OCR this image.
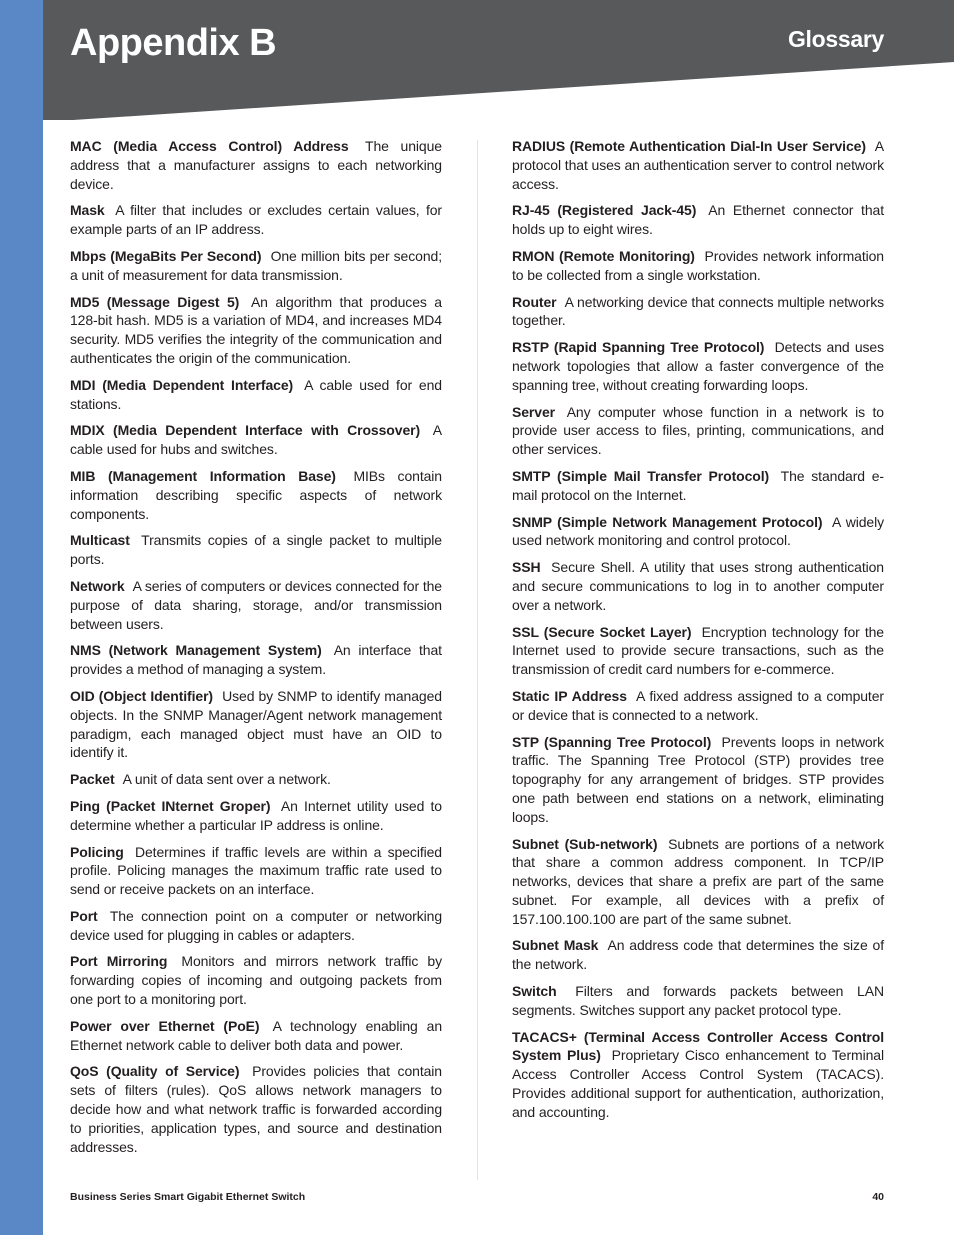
Appendix B	Glossary

MAC (Media Access Control) Address The unique address that a manufacturer assigns to each networking device.

Mask A filter that includes or excludes certain values, for example parts of an IP address.

Mbps (MegaBits Per Second) One million bits per second; a unit of measurement for data transmission.

MD5 (Message Digest 5) An algorithm that produces a 128-bit hash. MD5 is a variation of MD4, and increases MD4 security. MD5 verifies the integrity of the communication and authenticates the origin of the communication.

MDI (Media Dependent Interface) A cable used for end stations.

MDIX (Media Dependent Interface with Crossover) A cable used for hubs and switches.

MIB (Management Information Base) MIBs contain information describing specific aspects of network components.

Multicast Transmits copies of a single packet to multiple ports.

Network A series of computers or devices connected for the purpose of data sharing, storage, and/or transmission between users.

NMS (Network Management System) An interface that provides a method of managing a system.

OID (Object Identifier) Used by SNMP to identify managed objects. In the SNMP Manager/Agent network management paradigm, each managed object must have an OID to identify it.

Packet A unit of data sent over a network.

Ping (Packet INternet Groper) An Internet utility used to determine whether a particular IP address is online.

Policing Determines if traffic levels are within a specified profile. Policing manages the maximum traffic rate used to send or receive packets on an interface.

Port The connection point on a computer or networking device used for plugging in cables or adapters.

Port Mirroring Monitors and mirrors network traffic by forwarding copies of incoming and outgoing packets from one port to a monitoring port.

Power over Ethernet (PoE) A technology enabling an Ethernet network cable to deliver both data and power.

QoS (Quality of Service) Provides policies that contain sets of filters (rules). QoS allows network managers to decide how and what network traffic is forwarded according to priorities, application types, and source and destination addresses.

RADIUS (Remote Authentication Dial-In User Service) A protocol that uses an authentication server to control network access.

RJ-45 (Registered Jack-45) An Ethernet connector that holds up to eight wires.

RMON (Remote Monitoring) Provides network information to be collected from a single workstation.

Router A networking device that connects multiple networks together.

RSTP (Rapid Spanning Tree Protocol) Detects and uses network topologies that allow a faster convergence of the spanning tree, without creating forwarding loops.

Server Any computer whose function in a network is to provide user access to files, printing, communications, and other services.

SMTP (Simple Mail Transfer Protocol) The standard e-mail protocol on the Internet.

SNMP (Simple Network Management Protocol) A widely used network monitoring and control protocol.

SSH Secure Shell. A utility that uses strong authentication and secure communications to log in to another computer over a network.

SSL (Secure Socket Layer) Encryption technology for the Internet used to provide secure transactions, such as the transmission of credit card numbers for e-commerce.

Static IP Address A fixed address assigned to a computer or device that is connected to a network.

STP (Spanning Tree Protocol) Prevents loops in network traffic. The Spanning Tree Protocol (STP) provides tree topography for any arrangement of bridges. STP provides one path between end stations on a network, eliminating loops.

Subnet (Sub-network) Subnets are portions of a network that share a common address component. In TCP/IP networks, devices that share a prefix are part of the same subnet. For example, all devices with a prefix of 157.100.100.100 are part of the same subnet.

Subnet Mask An address code that determines the size of the network.

Switch Filters and forwards packets between LAN segments. Switches support any packet protocol type.

TACACS+ (Terminal Access Controller Access Control System Plus) Proprietary Cisco enhancement to Terminal Access Controller Access Control System (TACACS). Provides additional support for authentication, authorization, and accounting.

Business Series Smart Gigabit Ethernet Switch	40
